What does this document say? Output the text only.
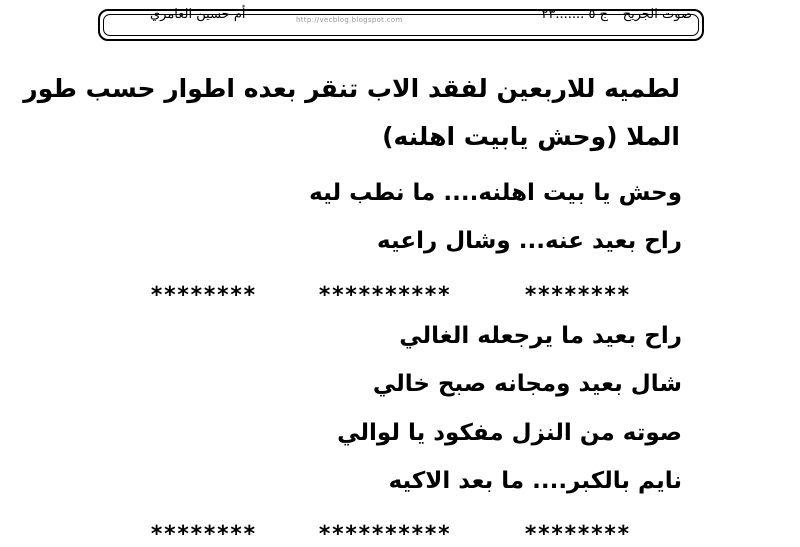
صوت الجريح – ج ٥ .......٢٣
أم حسين العامري	http://vecblog.blogspot.com
لطميه للاربعين لفقد الاب تنقر بعده اطوار حسب طور
الملا (وحش يابيت اهلنه)
وحش يا بيت اهلنه.... ما نطب ليه
راح بعيد عنه... وشال راعيه
********	**********	********
راح بعيد ما يرجعله الغالي
شال بعيد ومجانه صبح خالي
صوته من النزل مفكود يا لوالي
نايم بالكبر.... ما بعد الاكيه
********	**********	********
